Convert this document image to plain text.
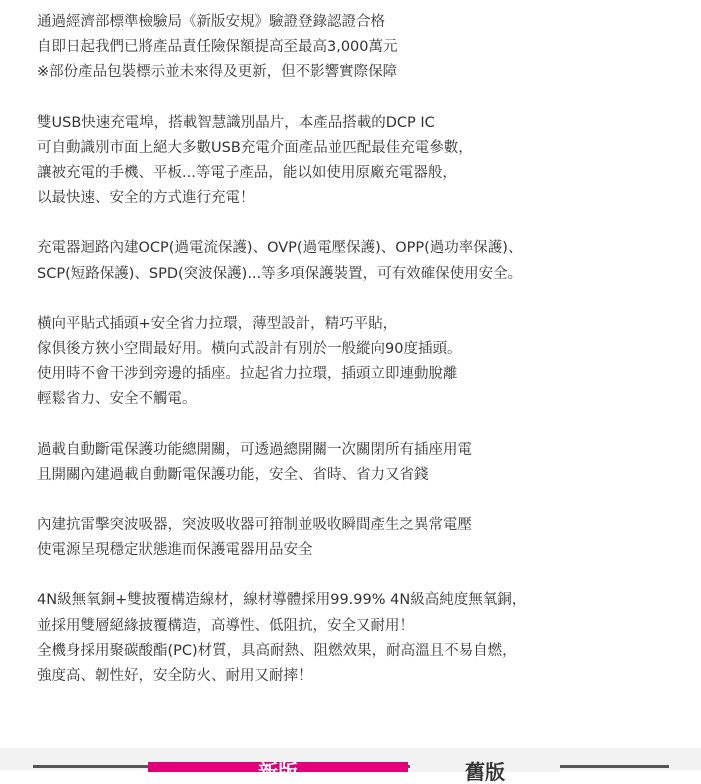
通過經濟部標準檢驗局《新版安規》驗證登錄認證合格
自即日起我們已將產品責任險保額提高至最高3,000萬元
※部份產品包裝標示並未來得及更新，但不影響實際保障
雙USB快速充電埠，搭載智慧識別晶片，本產品搭載的DCP IC
可自動識別市面上絕大多數USB充電介面產品並匹配最佳充電參數，
讓被充電的手機、平板...等電子產品，能以如使用原廠充電器般，
以最快速、安全的方式進行充電！
充電器迴路內建OCP(過電流保護)、OVP(過電壓保護)、OPP(過功率保護)、
SCP(短路保護)、SPD(突波保護)...等多項保護裝置，可有效確保使用安全。
橫向平貼式插頭+安全省力拉環，薄型設計，精巧平貼，
傢俱後方狹小空間最好用。橫向式設計有別於一般縱向90度插頭。
使用時不會干涉到旁邊的插座。拉起省力拉環，插頭立即連動脫離
輕鬆省力、安全不觸電。
過載自動斷電保護功能總開關，可透過總開關一次關閉所有插座用電
且開關內建過載自動斷電保護功能，安全、省時、省力又省錢
內建抗雷擊突波吸器，突波吸收器可箝制並吸收瞬間產生之異常電壓
使電源呈現穩定狀態進而保護電器用品安全
4N級無氧銅+雙披覆構造線材，線材導體採用99.99% 4N級高純度無氧銅，
並採用雙層絕緣披覆構造，高導性、低阻抗，安全又耐用！
全機身採用聚碳酸酯(PC)材質，具高耐熱、阻燃效果，耐高溫且不易自燃，
強度高、韌性好，安全防火、耐用又耐摔！
新版	舊版
